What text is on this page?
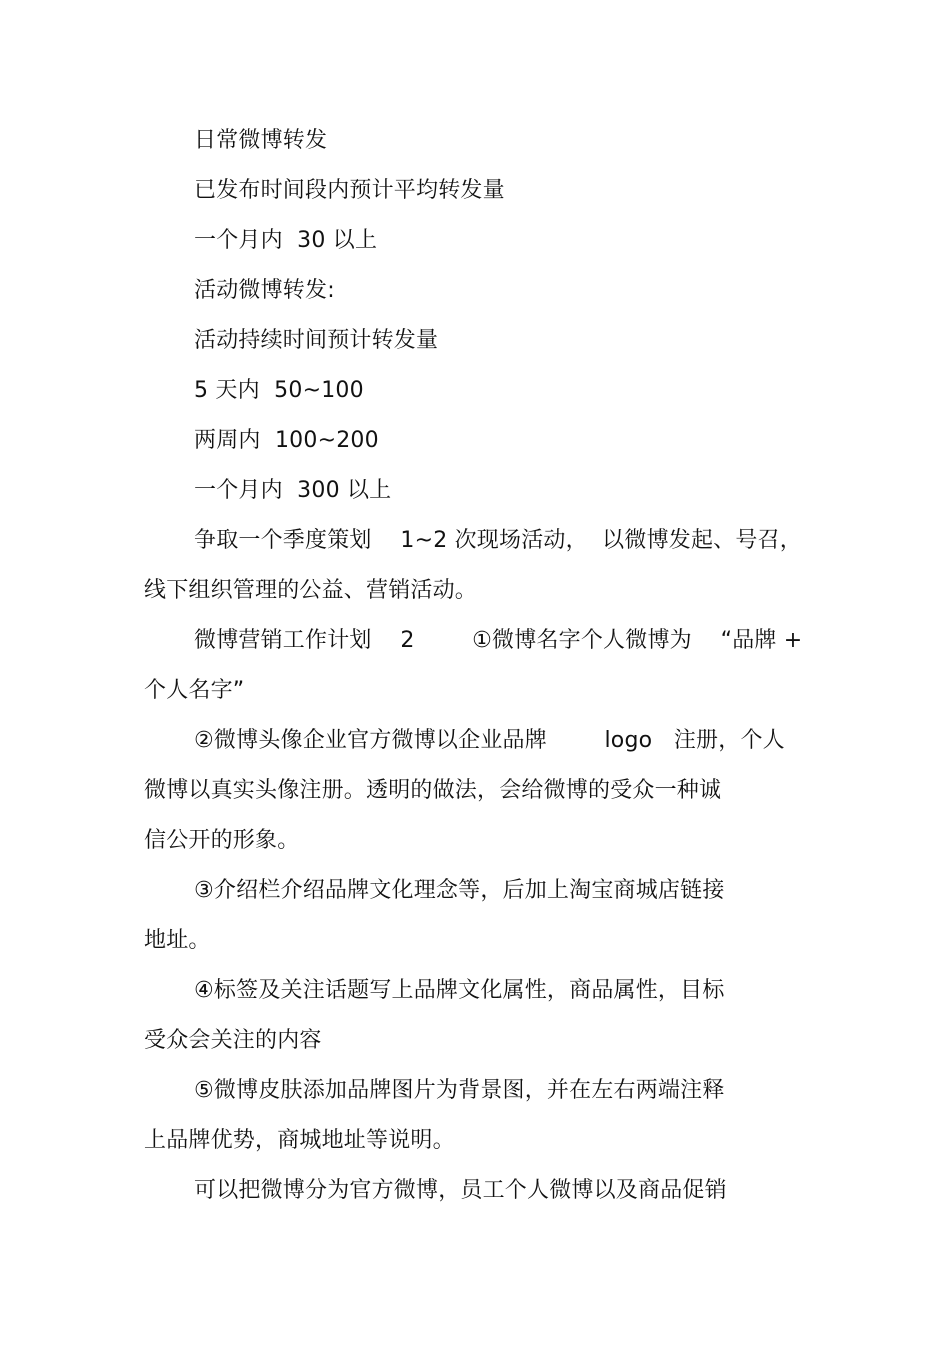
日常微博转发
已发布时间段内预计平均转发量
一个月内  30 以上
活动微博转发:
活动持续时间预计转发量
5 天内  50~100
两周内  100~200
一个月内  300 以上
争取一个季度策划    1~2 次现场活动，  以微博发起、号召，
线下组织管理的公益、营销活动。
微博营销工作计划    2        ①微博名字个人微博为    “品牌 +
个人名字”
②微博头像企业官方微博以企业品牌        logo   注册，个人
微博以真实头像注册。透明的做法，会给微博的受众一种诚
信公开的形象。
③介绍栏介绍品牌文化理念等，后加上淘宝商城店链接
地址。
④标签及关注话题写上品牌文化属性，商品属性，目标
受众会关注的内容
⑤微博皮肤添加品牌图片为背景图，并在左右两端注释
上品牌优势，商城地址等说明。
可以把微博分为官方微博，员工个人微博以及商品促销
